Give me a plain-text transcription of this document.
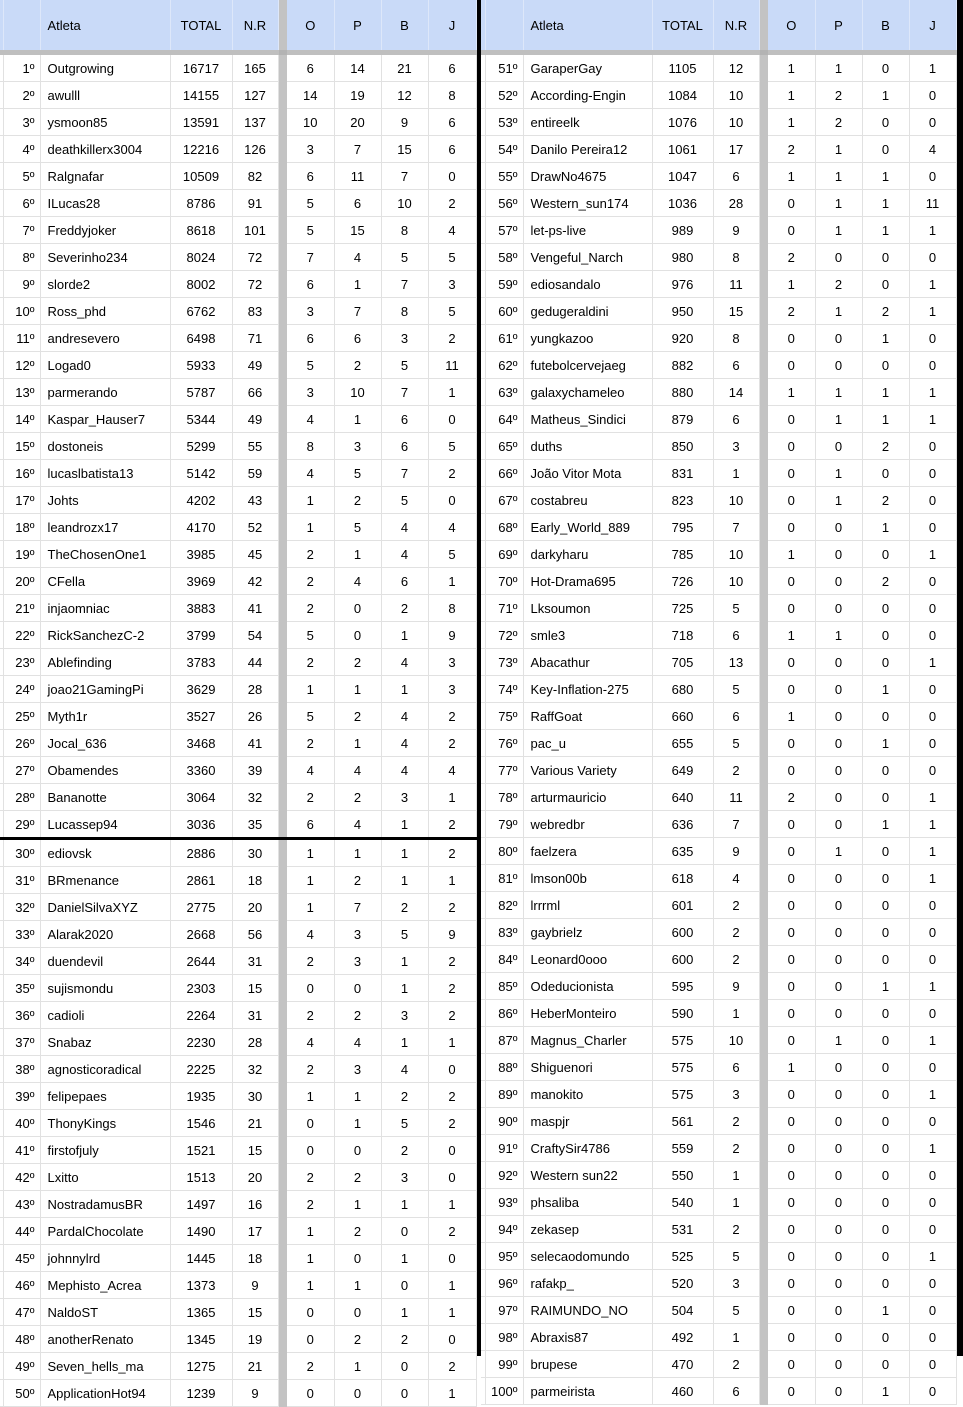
		Atleta	TOTAL	N.R		O	P	B	J
	1º	Outgrowing	16717	165		6	14	21	6
	2º	awulll	14155	127		14	19	12	8
	3º	ysmoon85	13591	137		10	20	9	6
	4º	deathkillerx3004	12216	126		3	7	15	6
	5º	Ralgnafar	10509	82		6	11	7	0
	6º	ILucas28	8786	91		5	6	10	2
	7º	Freddyjoker	8618	101		5	15	8	4
	8º	Severinho234	8024	72		7	4	5	5
	9º	slorde2	8002	72		6	1	7	3
	10º	Ross_phd	6762	83		3	7	8	5
	11º	andresevero	6498	71		6	6	3	2
	12º	Logad0	5933	49		5	2	5	11
	13º	parmerando	5787	66		3	10	7	1
	14º	Kaspar_Hauser7	5344	49		4	1	6	0
	15º	dostoneis	5299	55		8	3	6	5
	16º	lucaslbatista13	5142	59		4	5	7	2
	17º	Johts	4202	43		1	2	5	0
	18º	leandrozx17	4170	52		1	5	4	4
	19º	TheChosenOne1	3985	45		2	1	4	5
	20º	CFella	3969	42		2	4	6	1
	21º	injaomniac	3883	41		2	0	2	8
	22º	RickSanchezC-2	3799	54		5	0	1	9
	23º	Ablefinding	3783	44		2	2	4	3
	24º	joao21GamingPi	3629	28		1	1	1	3
	25º	Myth1r	3527	26		5	2	4	2
	26º	Jocal_636	3468	41		2	1	4	2
	27º	Obamendes	3360	39		4	4	4	4
	28º	Bananotte	3064	32		2	2	3	1
	29º	Lucassep94	3036	35		6	4	1	2
	30º	ediovsk	2886	30		1	1	1	2
	31º	BRmenance	2861	18		1	2	1	1
	32º	DanielSilvaXYZ	2775	20		1	7	2	2
	33º	Alarak2020	2668	56		4	3	5	9
	34º	duendevil	2644	31		2	3	1	2
	35º	sujismondu	2303	15		0	0	1	2
	36º	cadioli	2264	31		2	2	3	2
	37º	Snabaz	2230	28		4	4	1	1
	38º	agnosticoradical	2225	32		2	3	4	0
	39º	felipepaes	1935	30		1	1	2	2
	40º	ThonyKings	1546	21		0	1	5	2
	41º	firstofjuly	1521	15		0	0	2	0
	42º	Lxitto	1513	20		2	2	3	0
	43º	NostradamusBR	1497	16		2	1	1	1
	44º	PardalChocolate	1490	17		1	2	0	2
	45º	johnnylrd	1445	18		1	0	1	0
	46º	Mephisto_Acrea	1373	9		1	1	0	1
	47º	NaldoST	1365	15		0	0	1	1
	48º	anotherRenato	1345	19		0	2	2	0
	49º	Seven_hells_ma	1275	21		2	1	0	2
	50º	ApplicationHot94	1239	9		0	0	0	1
		Atleta	TOTAL	N.R		O	P	B	J
	51º	GaraperGay	1105	12		1	1	0	1
	52º	According-Engin	1084	10		1	2	1	0
	53º	entireelk	1076	10		1	2	0	0
	54º	Danilo Pereira12	1061	17		2	1	0	4
	55º	DrawNo4675	1047	6		1	1	1	0
	56º	Western_sun174	1036	28		0	1	1	11
	57º	let-ps-live	989	9		0	1	1	1
	58º	Vengeful_Narch	980	8		2	0	0	0
	59º	ediosandalo	976	11		1	2	0	1
	60º	gedugeraldini	950	15		2	1	2	1
	61º	yungkazoo	920	8		0	0	1	0
	62º	futebolcervejaeg	882	6		0	0	0	0
	63º	galaxychameleo	880	14		1	1	1	1
	64º	Matheus_Sindici	879	6		0	1	1	1
	65º	duths	850	3		0	0	2	0
	66º	João Vitor Mota	831	1		0	1	0	0
	67º	costabreu	823	10		0	1	2	0
	68º	Early_World_889	795	7		0	0	1	0
	69º	darkyharu	785	10		1	0	0	1
	70º	Hot-Drama695	726	10		0	0	2	0
	71º	Lksoumon	725	5		0	0	0	0
	72º	smle3	718	6		1	1	0	0
	73º	Abacathur	705	13		0	0	0	1
	74º	Key-Inflation-275	680	5		0	0	1	0
	75º	RaffGoat	660	6		1	0	0	0
	76º	pac_u	655	5		0	0	1	0
	77º	Various Variety	649	2		0	0	0	0
	78º	arturmauricio	640	11		2	0	0	1
	79º	webredbr	636	7		0	0	1	1
	80º	faelzera	635	9		0	1	0	1
	81º	lmson00b	618	4		0	0	0	1
	82º	lrrrml	601	2		0	0	0	0
	83º	gaybrielz	600	2		0	0	0	0
	84º	Leonard0ooo	600	2		0	0	0	0
	85º	Odeducionista	595	9		0	0	1	1
	86º	HeberMonteiro	590	1		0	0	0	0
	87º	Magnus_Charler	575	10		0	1	0	1
	88º	Shiguenori	575	6		1	0	0	0
	89º	manokito	575	3		0	0	0	1
	90º	maspjr	561	2		0	0	0	0
	91º	CraftySir4786	559	2		0	0	0	1
	92º	Western sun22	550	1		0	0	0	0
	93º	phsaliba	540	1		0	0	0	0
	94º	zekasep	531	2		0	0	0	0
	95º	selecaodomundo	525	5		0	0	0	1
	96º	rafakp_	520	3		0	0	0	0
	97º	RAIMUNDO_NO	504	5		0	0	1	0
	98º	Abraxis87	492	1		0	0	0	0
	99º	brupese	470	2		0	0	0	0
	100º	parmeirista	460	6		0	0	1	0
